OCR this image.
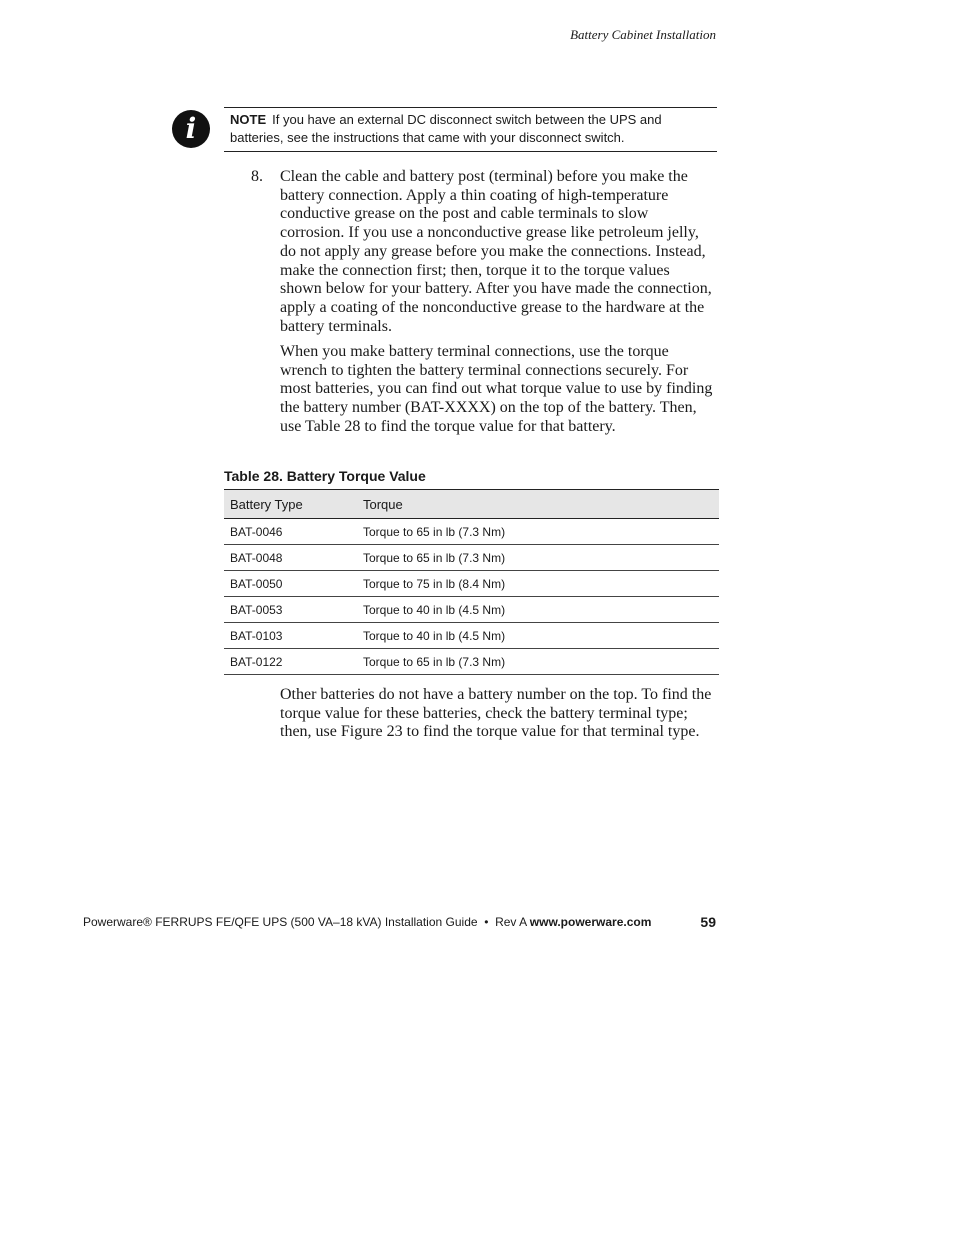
Battery Cabinet Installation
i	NOTE If you have an external DC disconnect switch between the UPS and batteries, see the instructions that came with your disconnect switch.
8. Clean the cable and battery post (terminal) before you make the battery connection. Apply a thin coating of high-temperature conductive grease on the post and cable terminals to slow corrosion. If you use a nonconductive grease like petroleum jelly, do not apply any grease before you make the connections. Instead, make the connection first; then, torque it to the torque values shown below for your battery. After you have made the connection, apply a coating of the nonconductive grease to the hardware at the battery terminals.

When you make battery terminal connections, use the torque wrench to tighten the battery terminal connections securely. For most batteries, you can find out what torque value to use by finding the battery number (BAT-XXXX) on the top of the battery. Then, use Table 28 to find the torque value for that battery.

Table 28. Battery Torque Value
Battery Type	Torque
BAT-0046	Torque to 65 in lb (7.3 Nm)
BAT-0048	Torque to 65 in lb (7.3 Nm)
BAT-0050	Torque to 75 in lb (8.4 Nm)
BAT-0053	Torque to 40 in lb (4.5 Nm)
BAT-0103	Torque to 40 in lb (4.5 Nm)
BAT-0122	Torque to 65 in lb (7.3 Nm)

Other batteries do not have a battery number on the top. To find the torque value for these batteries, check the battery terminal type; then, use Figure 23 to find the torque value for that terminal type.

Powerware® FERRUPS FE/QFE UPS (500 VA–18 kVA) Installation Guide  •  Rev A www.powerware.com	59
